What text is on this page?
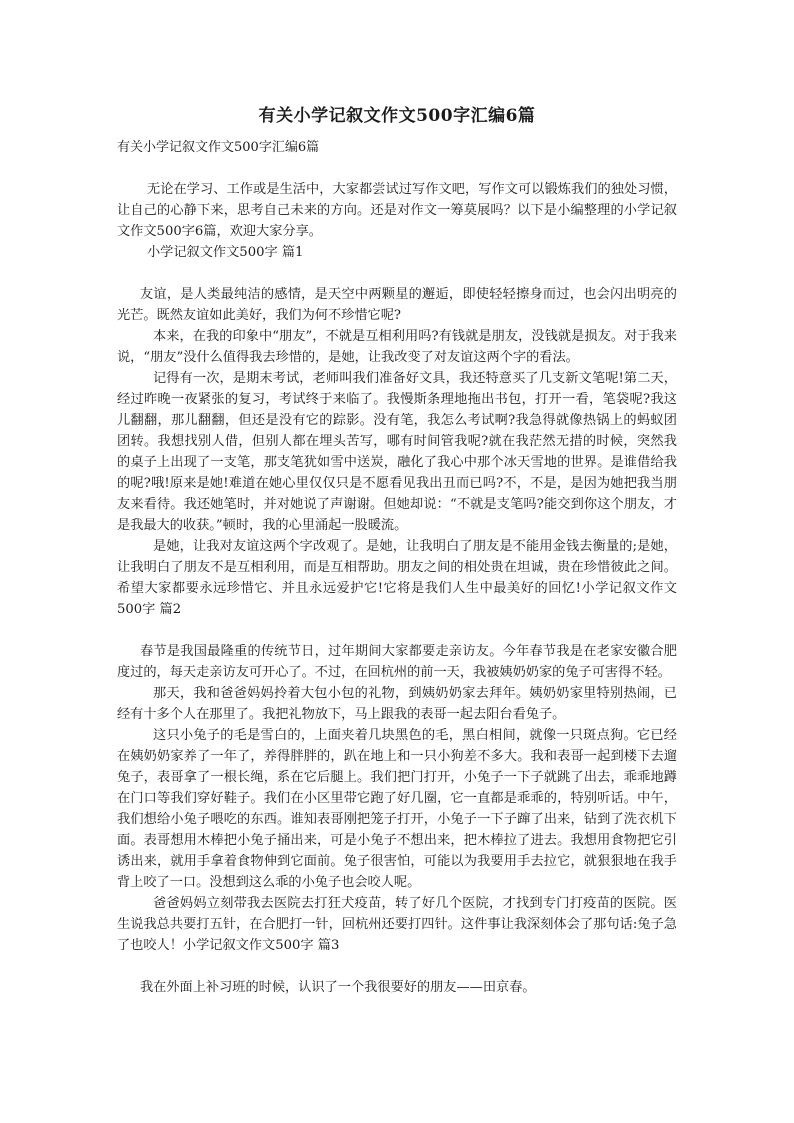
有关小学记叙文作文500字汇编6篇
有关小学记叙文作文500字汇编6篇

无论在学习、工作或是生活中，大家都尝试过写作文吧，写作文可以锻炼我们的独处习惯，让自己的心静下来，思考自己未来的方向。还是对作文一筹莫展吗？以下是小编整理的小学记叙文作文500字6篇，欢迎大家分享。

小学记叙文作文500字 篇1

友谊，是人类最纯洁的感情，是天空中两颗星的邂逅，即使轻轻擦身而过，也会闪出明亮的光芒。既然友谊如此美好，我们为何不珍惜它呢?

本来，在我的印象中“朋友”，不就是互相利用吗?有钱就是朋友，没钱就是损友。对于我来说，“朋友”没什么值得我去珍惜的，是她，让我改变了对友谊这两个字的看法。

记得有一次，是期末考试，老师叫我们准备好文具，我还特意买了几支新文笔呢!第二天，经过昨晚一夜紧张的复习，考试终于来临了。我慢斯条理地拖出书包，打开一看，笔袋呢?我这儿翻翻，那儿翻翻，但还是没有它的踪影。没有笔，我怎么考试啊?我急得就像热锅上的蚂蚁团团转。我想找别人借，但别人都在埋头苦写，哪有时间管我呢?就在我茫然无措的时候，突然我的桌子上出现了一支笔，那支笔犹如雪中送炭，融化了我心中那个冰天雪地的世界。是谁借给我的呢?哦!原来是她!难道在她心里仅仅只是不愿看见我出丑而已吗?不，不是，是因为她把我当朋友来看待。我还她笔时，并对她说了声谢谢。但她却说：“不就是支笔吗?能交到你这个朋友，才是我最大的收获。”顿时，我的心里涌起一股暖流。

是她，让我对友谊这两个字改观了。是她，让我明白了朋友是不能用金钱去衡量的;是她，让我明白了朋友不是互相利用，而是互相帮助。朋友之间的相处贵在坦诚，贵在珍惜彼此之间。希望大家都要永远珍惜它、并且永远爱护它!它将是我们人生中最美好的回忆!小学记叙文作文500字 篇2

春节是我国最隆重的传统节日，过年期间大家都要走亲访友。今年春节我是在老家安徽合肥度过的，每天走亲访友可开心了。不过，在回杭州的前一天，我被姨奶奶家的兔子可害得不轻。

那天，我和爸爸妈妈拎着大包小包的礼物，到姨奶奶家去拜年。姨奶奶家里特别热闹，已经有十多个人在那里了。我把礼物放下，马上跟我的表哥一起去阳台看兔子。

这只小兔子的毛是雪白的，上面夹着几块黑色的毛，黑白相间，就像一只斑点狗。它已经在姨奶奶家养了一年了，养得胖胖的，趴在地上和一只小狗差不多大。我和表哥一起到楼下去遛兔子，表哥拿了一根长绳，系在它后腿上。我们把门打开，小兔子一下子就跳了出去，乖乖地蹲在门口等我们穿好鞋子。我们在小区里带它跑了好几圈，它一直都是乖乖的，特别听话。中午，我们想给小兔子喂吃的东西。谁知表哥刚把笼子打开，小兔子一下子蹿了出来，钻到了洗衣机下面。表哥想用木棒把小兔子捅出来，可是小兔子不想出来，把木棒拉了进去。我想用食物把它引诱出来，就用手拿着食物伸到它面前。兔子很害怕，可能以为我要用手去拉它，就狠狠地在我手背上咬了一口。没想到这么乖的小兔子也会咬人呢。

爸爸妈妈立刻带我去医院去打狂犬疫苗，转了好几个医院，才找到专门打疫苗的医院。医生说我总共要打五针，在合肥打一针，回杭州还要打四针。这件事让我深刻体会了那句话:兔子急了也咬人！小学记叙文作文500字 篇3

我在外面上补习班的时候，认识了一个我很要好的朋友——田京春。
